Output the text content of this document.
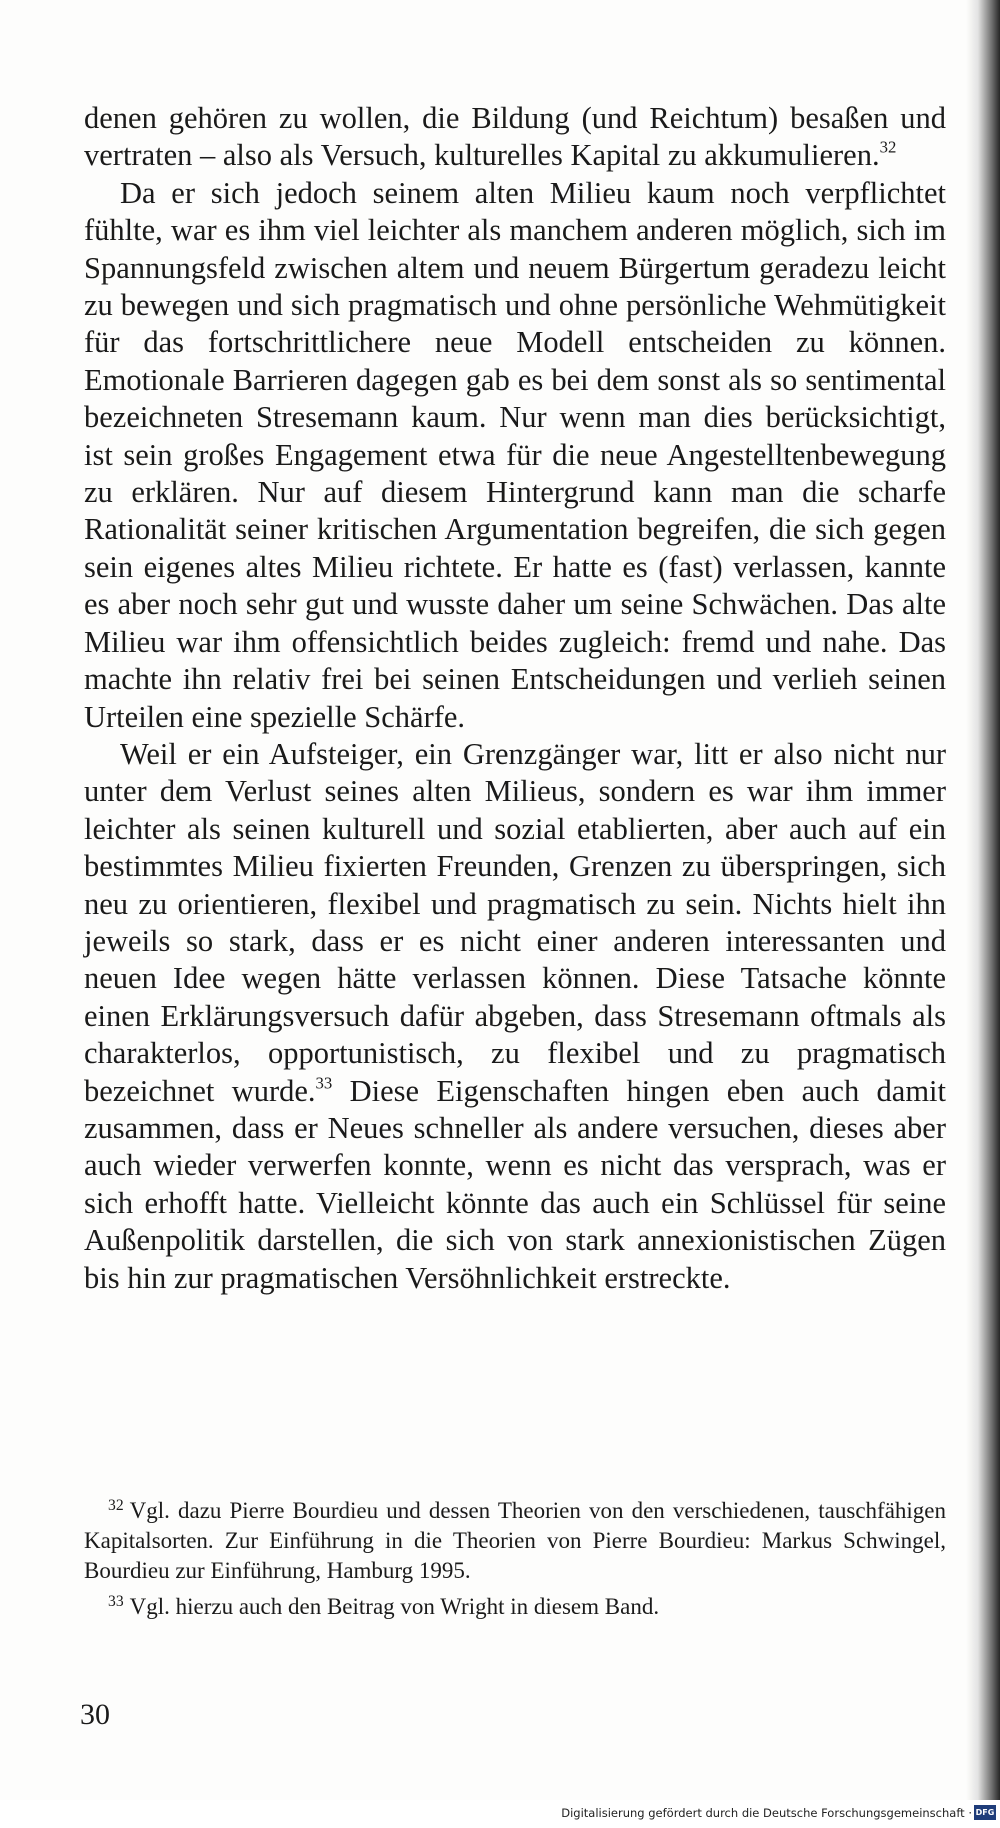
denen gehören zu wollen, die Bildung (und Reichtum) besaßen und vertraten – also als Versuch, kulturelles Kapital zu akkumulieren.$^{32}$

Da er sich jedoch seinem alten Milieu kaum noch verpflichtet fühlte, war es ihm viel leichter als manchem anderen möglich, sich im Spannungsfeld zwischen altem und neuem Bürgertum geradezu leicht zu bewegen und sich pragmatisch und ohne persönliche Wehmütigkeit für das fortschrittlichere neue Modell entscheiden zu können. Emotionale Barrieren dagegen gab es bei dem sonst als so sentimental bezeichneten Stresemann kaum. Nur wenn man dies berücksichtigt, ist sein großes Engagement etwa für die neue Angestelltenbewegung zu erklären. Nur auf diesem Hintergrund kann man die scharfe Rationalität seiner kritischen Argumentation begreifen, die sich gegen sein eigenes altes Milieu richtete. Er hatte es (fast) verlassen, kannte es aber noch sehr gut und wusste daher um seine Schwächen. Das alte Milieu war ihm offensichtlich beides zugleich: fremd und nahe. Das machte ihn relativ frei bei seinen Entscheidungen und verlieh seinen Urteilen eine spezielle Schärfe.

Weil er ein Aufsteiger, ein Grenzgänger war, litt er also nicht nur unter dem Verlust seines alten Milieus, sondern es war ihm immer leichter als seinen kulturell und sozial etablierten, aber auch auf ein bestimmtes Milieu fixierten Freunden, Grenzen zu überspringen, sich neu zu orientieren, flexibel und pragmatisch zu sein. Nichts hielt ihn jeweils so stark, dass er es nicht einer anderen interessanten und neuen Idee wegen hätte verlassen können. Diese Tatsache könnte einen Erklärungsversuch dafür abgeben, dass Stresemann oftmals als charakterlos, opportunistisch, zu flexibel und zu pragmatisch bezeichnet wurde.$^{33}$ Diese Eigenschaften hingen eben auch damit zusammen, dass er Neues schneller als andere versuchen, dieses aber auch wieder verwerfen konnte, wenn es nicht das versprach, was er sich erhofft hatte. Vielleicht könnte das auch ein Schlüssel für seine Außenpolitik darstellen, die sich von stark annexionistischen Zügen bis hin zur pragmatischen Versöhnlichkeit erstreckte.

$^{32}$ Vgl. dazu Pierre Bourdieu und dessen Theorien von den verschiedenen, tauschfähigen Kapitalsorten. Zur Einführung in die Theorien von Pierre Bourdieu: Markus Schwingel, Bourdieu zur Einführung, Hamburg 1995.

$^{33}$ Vgl. hierzu auch den Beitrag von Wright in diesem Band.

30
Digitalisierung gefördert durch die Deutsche Forschungsgemeinschaft · DFG
